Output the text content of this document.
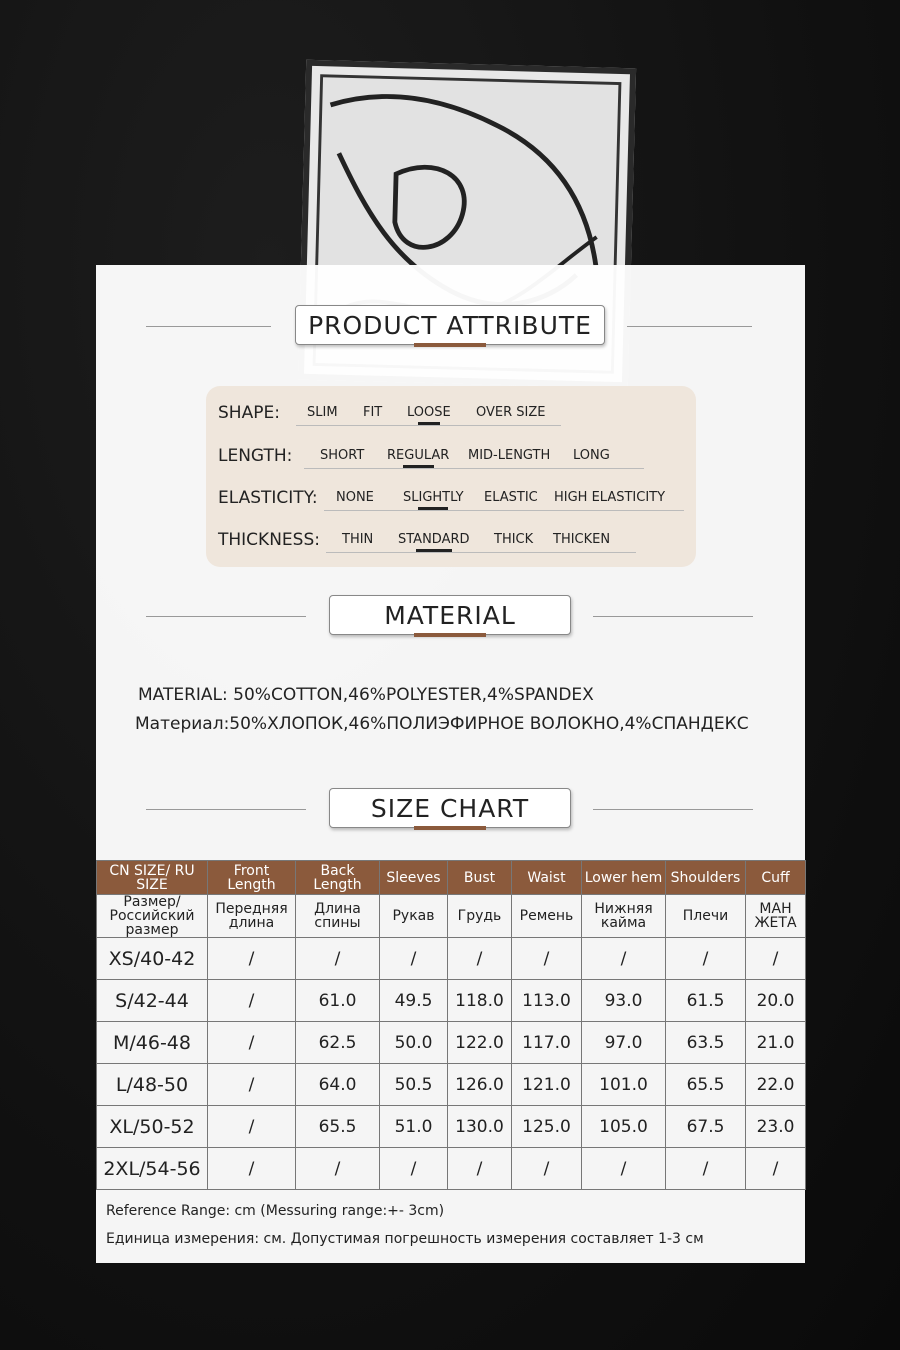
PRODUCT ATTRIBUTE
SHAPE: SLIM FIT LOOSE OVER SIZE
LENGTH: SHORT REGULAR MID-LENGTH LONG
ELASTICITY: NONE SLIGHTLY ELASTIC HIGH ELASTICITY
THICKNESS: THIN STANDARD THICK THICKEN
MATERIAL
MATERIAL: 50%COTTON,46%POLYESTER,4%SPANDEX
Материал:50%ХЛОПОК,46%ПОЛИЭФИРНОЕ ВОЛОКНО,4%СПАНДЕКС
SIZE CHART
CN SIZE/ RU SIZE	Front Length	Back Length	Sleeves	Bust	Waist	Lower hem	Shoulders	Cuff
Размер/ Российский размер	Передняя длина	Длина спины	Рукав	Грудь	Ремень	Нижняя кайма	Плечи	МАН ЖЕТА
XS/40-42	/	/	/	/	/	/	/	/
S/42-44	/	61.0	49.5	118.0	113.0	93.0	61.5	20.0
M/46-48	/	62.5	50.0	122.0	117.0	97.0	63.5	21.0
L/48-50	/	64.0	50.5	126.0	121.0	101.0	65.5	22.0
XL/50-52	/	65.5	51.0	130.0	125.0	105.0	67.5	23.0
2XL/54-56	/	/	/	/	/	/	/	/
Reference Range: cm (Messuring range:+- 3cm)
Единица измерения: см. Допустимая погрешность измерения составляет 1-3 см
